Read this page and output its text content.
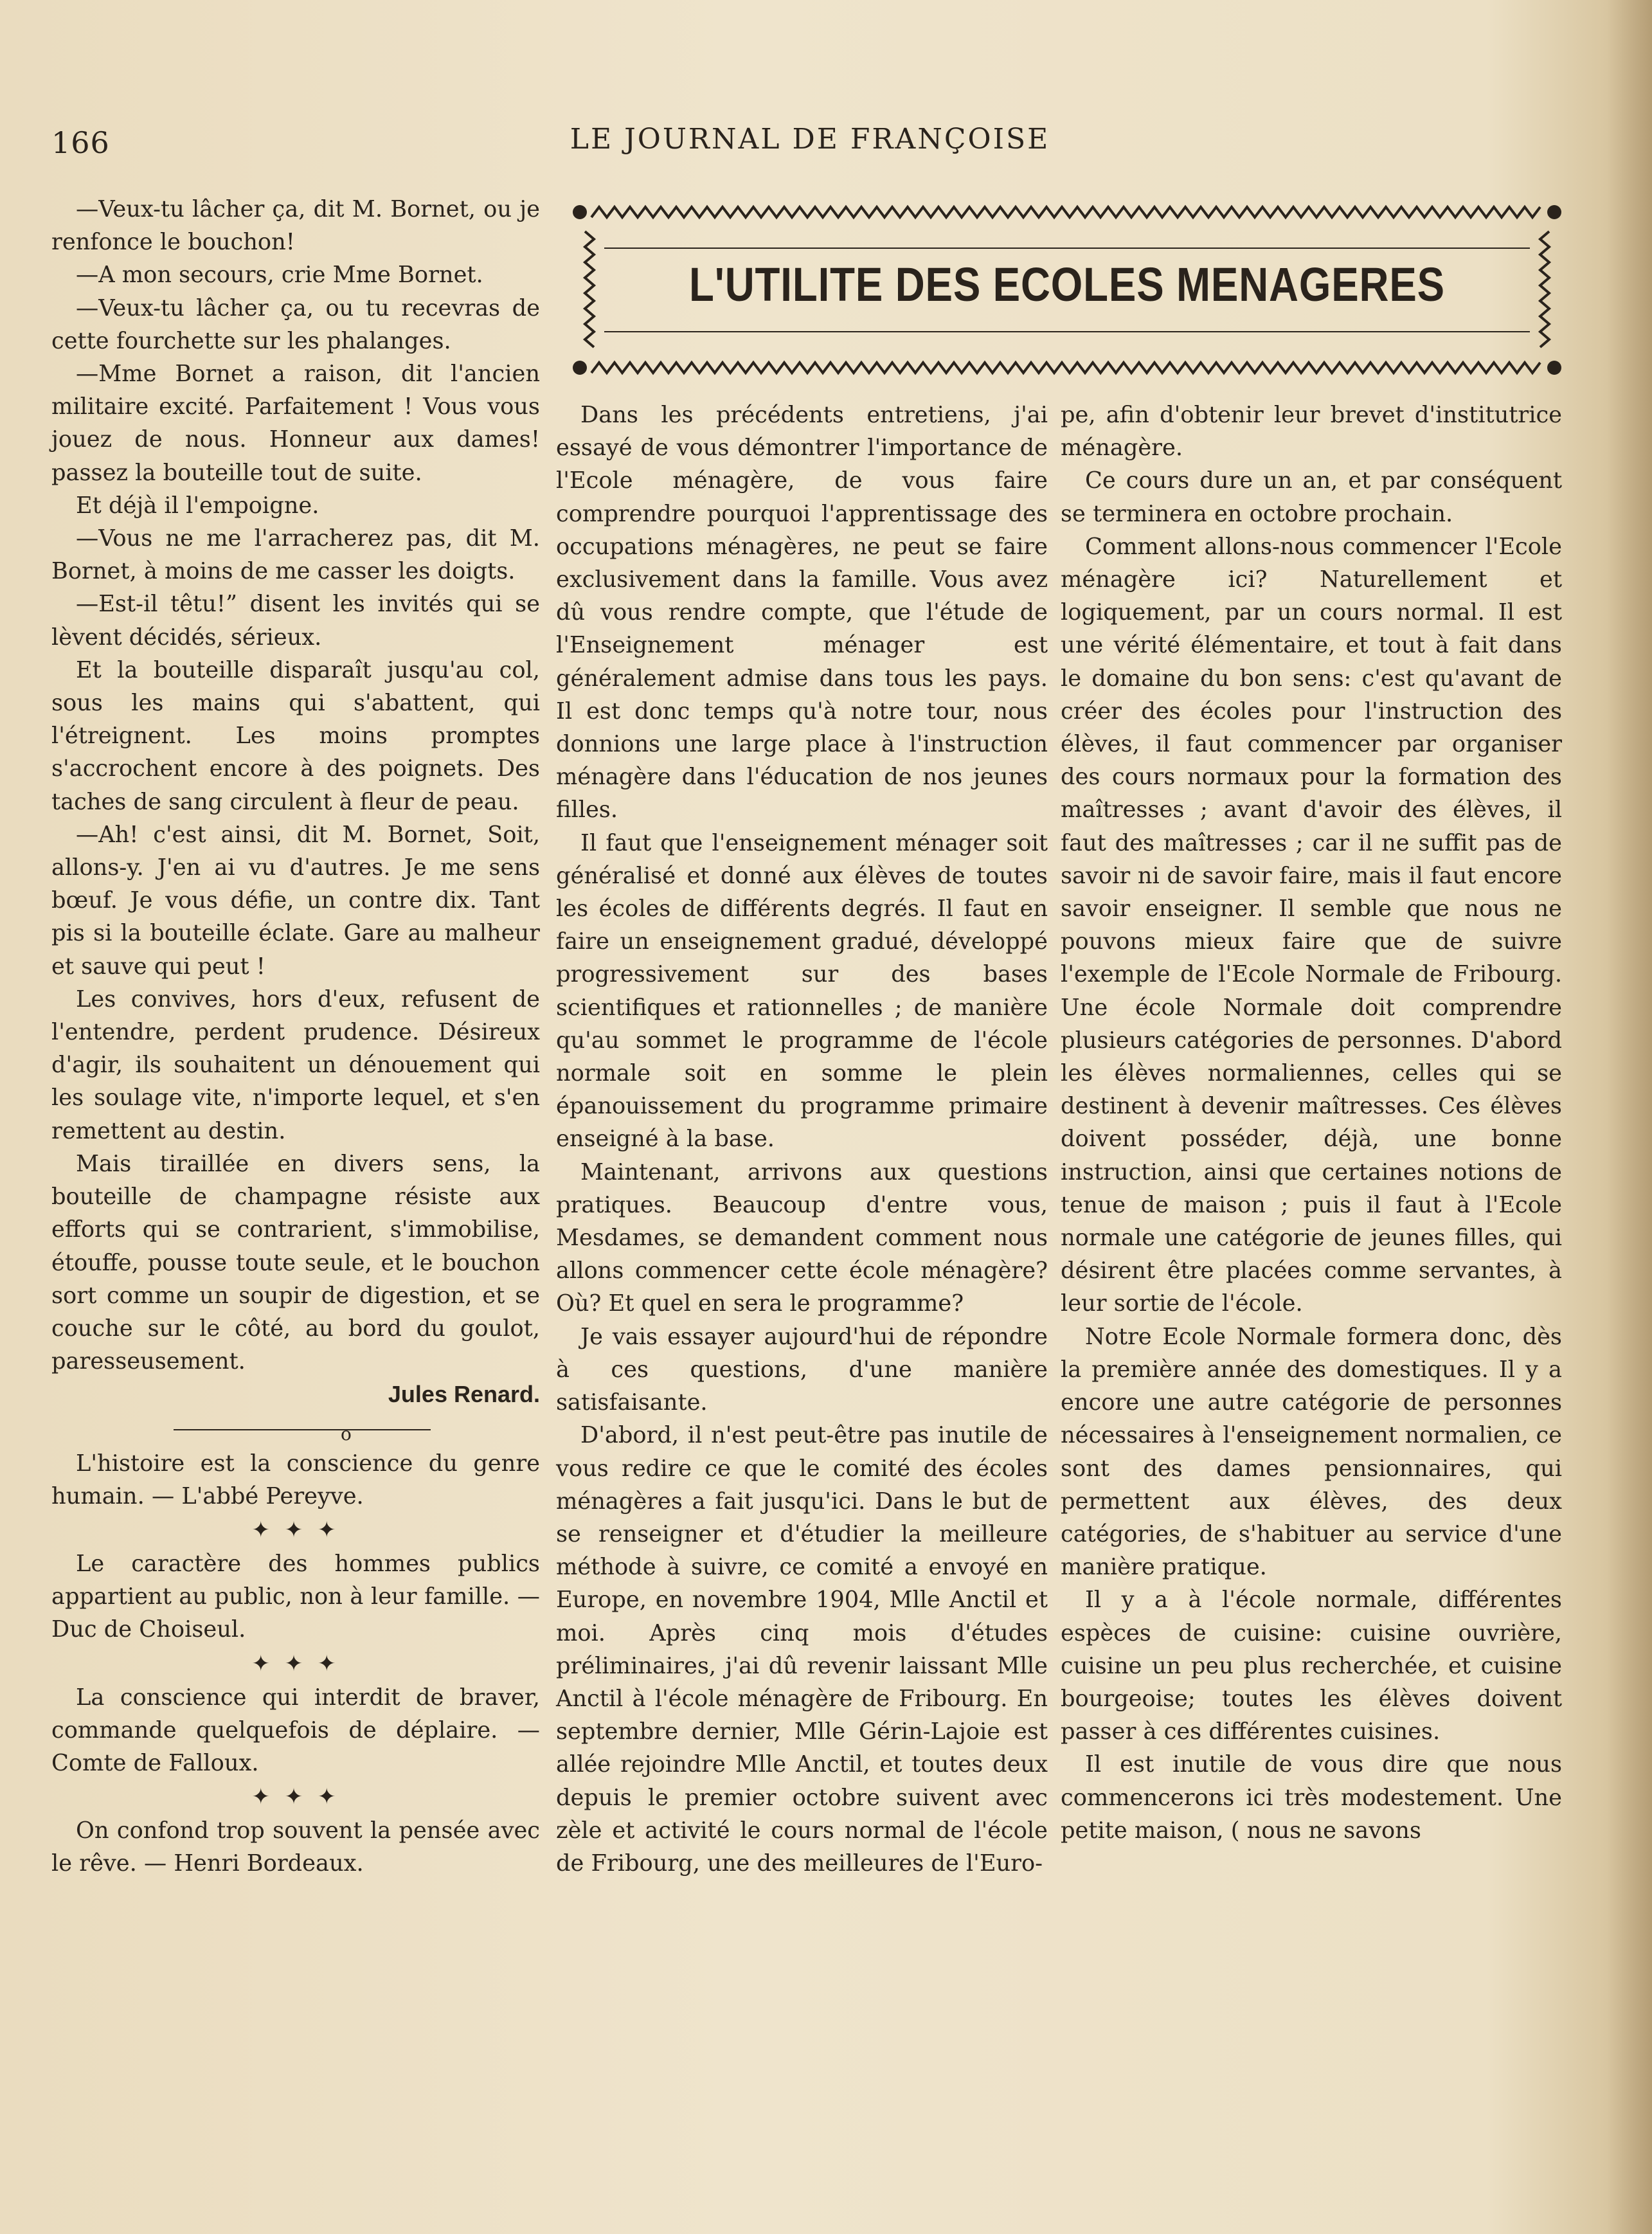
166	LE JOURNAL DE FRANÇOISE

—Veux-tu lâcher ça, dit M. Bornet, ou je renfonce le bouchon!

—A mon secours, crie Mme Bornet.

—Veux-tu lâcher ça, ou tu recevras de cette fourchette sur les phalanges.

—Mme Bornet a raison, dit l'ancien militaire excité. Parfaitement ! Vous vous jouez de nous. Honneur aux dames! passez la bouteille tout de suite.

Et déjà il l'empoigne.

—Vous ne me l'arracherez pas, dit M. Bornet, à moins de me casser les doigts.

—Est-il têtu!” disent les invités qui se lèvent décidés, sérieux.

Et la bouteille disparaît jusqu'au col, sous les mains qui s'abattent, qui l'étreignent. Les moins promptes s'accrochent encore à des poignets. Des taches de sang circulent à fleur de peau.

—Ah! c'est ainsi, dit M. Bornet, Soit, allons-y. J'en ai vu d'autres. Je me sens bœuf. Je vous défie, un contre dix. Tant pis si la bouteille éclate. Gare au malheur et sauve qui peut !

Les convives, hors d'eux, refusent de l'entendre, perdent prudence. Désireux d'agir, ils souhaitent un dénouement qui les soulage vite, n'importe lequel, et s'en remettent au destin.

Mais tiraillée en divers sens, la bouteille de champagne résiste aux efforts qui se contrarient, s'immobilise, étouffe, pousse toute seule, et le bouchon sort comme un soupir de digestion, et se couche sur le côté, au bord du goulot, paresseusement.

Jules Renard.

o

L'histoire est la conscience du genre humain. — L'abbé Pereyve.

✦ ✦ ✦

Le caractère des hommes publics appartient au public, non à leur famille. — Duc de Choiseul.

✦ ✦ ✦

La conscience qui interdit de braver, commande quelquefois de déplaire. — Comte de Falloux.

✦ ✦ ✦

On confond trop souvent la pensée avec le rêve. — Henri Bordeaux.

L'UTILITE DES ECOLES MENAGERES

Dans les précédents entretiens, j'ai essayé de vous démontrer l'importance de l'Ecole ménagère, de vous faire comprendre pourquoi l'apprentissage des occupations ménagères, ne peut se faire exclusivement dans la famille. Vous avez dû vous rendre compte, que l'étude de l'Enseignement ménager est généralement admise dans tous les pays. Il est donc temps qu'à notre tour, nous donnions une large place à l'instruction ménagère dans l'éducation de nos jeunes filles.

Il faut que l'enseignement ménager soit généralisé et donné aux élèves de toutes les écoles de différents degrés. Il faut en faire un enseignement gradué, développé progressivement sur des bases scientifiques et rationnelles ; de manière qu'au sommet le programme de l'école normale soit en somme le plein épanouissement du programme primaire enseigné à la base.

Maintenant, arrivons aux questions pratiques. Beaucoup d'entre vous, Mesdames, se demandent comment nous allons commencer cette école ménagère? Où? Et quel en sera le programme?

Je vais essayer aujourd'hui de répondre à ces questions, d'une manière satisfaisante.

D'abord, il n'est peut-être pas inutile de vous redire ce que le comité des écoles ménagères a fait jusqu'ici. Dans le but de se renseigner et d'étudier la meilleure méthode à suivre, ce comité a envoyé en Europe, en novembre 1904, Mlle Anctil et moi. Après cinq mois d'études préliminaires, j'ai dû revenir laissant Mlle Anctil à l'école ménagère de Fribourg. En septembre dernier, Mlle Gérin-Lajoie est allée rejoindre Mlle Anctil, et toutes deux depuis le premier octobre suivent avec zèle et activité le cours normal de l'école de Fribourg, une des meilleures de l'Euro-

pe, afin d'obtenir leur brevet d'institutrice ménagère.

Ce cours dure un an, et par conséquent se terminera en octobre prochain.

Comment allons-nous commencer l'Ecole ménagère ici? Naturellement et logiquement, par un cours normal. Il est une vérité élémentaire, et tout à fait dans le domaine du bon sens: c'est qu'avant de créer des écoles pour l'instruction des élèves, il faut commencer par organiser des cours normaux pour la formation des maîtresses ; avant d'avoir des élèves, il faut des maîtresses ; car il ne suffit pas de savoir ni de savoir faire, mais il faut encore savoir enseigner. Il semble que nous ne pouvons mieux faire que de suivre l'exemple de l'Ecole Normale de Fribourg. Une école Normale doit comprendre plusieurs catégories de personnes. D'abord les élèves normaliennes, celles qui se destinent à devenir maîtresses. Ces élèves doivent posséder, déjà, une bonne instruction, ainsi que certaines notions de tenue de maison ; puis il faut à l'Ecole normale une catégorie de jeunes filles, qui désirent être placées comme servantes, à leur sortie de l'école.

Notre Ecole Normale formera donc, dès la première année des domestiques. Il y a encore une autre catégorie de personnes nécessaires à l'enseignement normalien, ce sont des dames pensionnaires, qui permettent aux élèves, des deux catégories, de s'habituer au service d'une manière pratique.

Il y a à l'école normale, différentes espèces de cuisine: cuisine ouvrière, cuisine un peu plus recherchée, et cuisine bourgeoise; toutes les élèves doivent passer à ces différentes cuisines.

Il est inutile de vous dire que nous commencerons ici très modestement. Une petite maison, ( nous ne savons
